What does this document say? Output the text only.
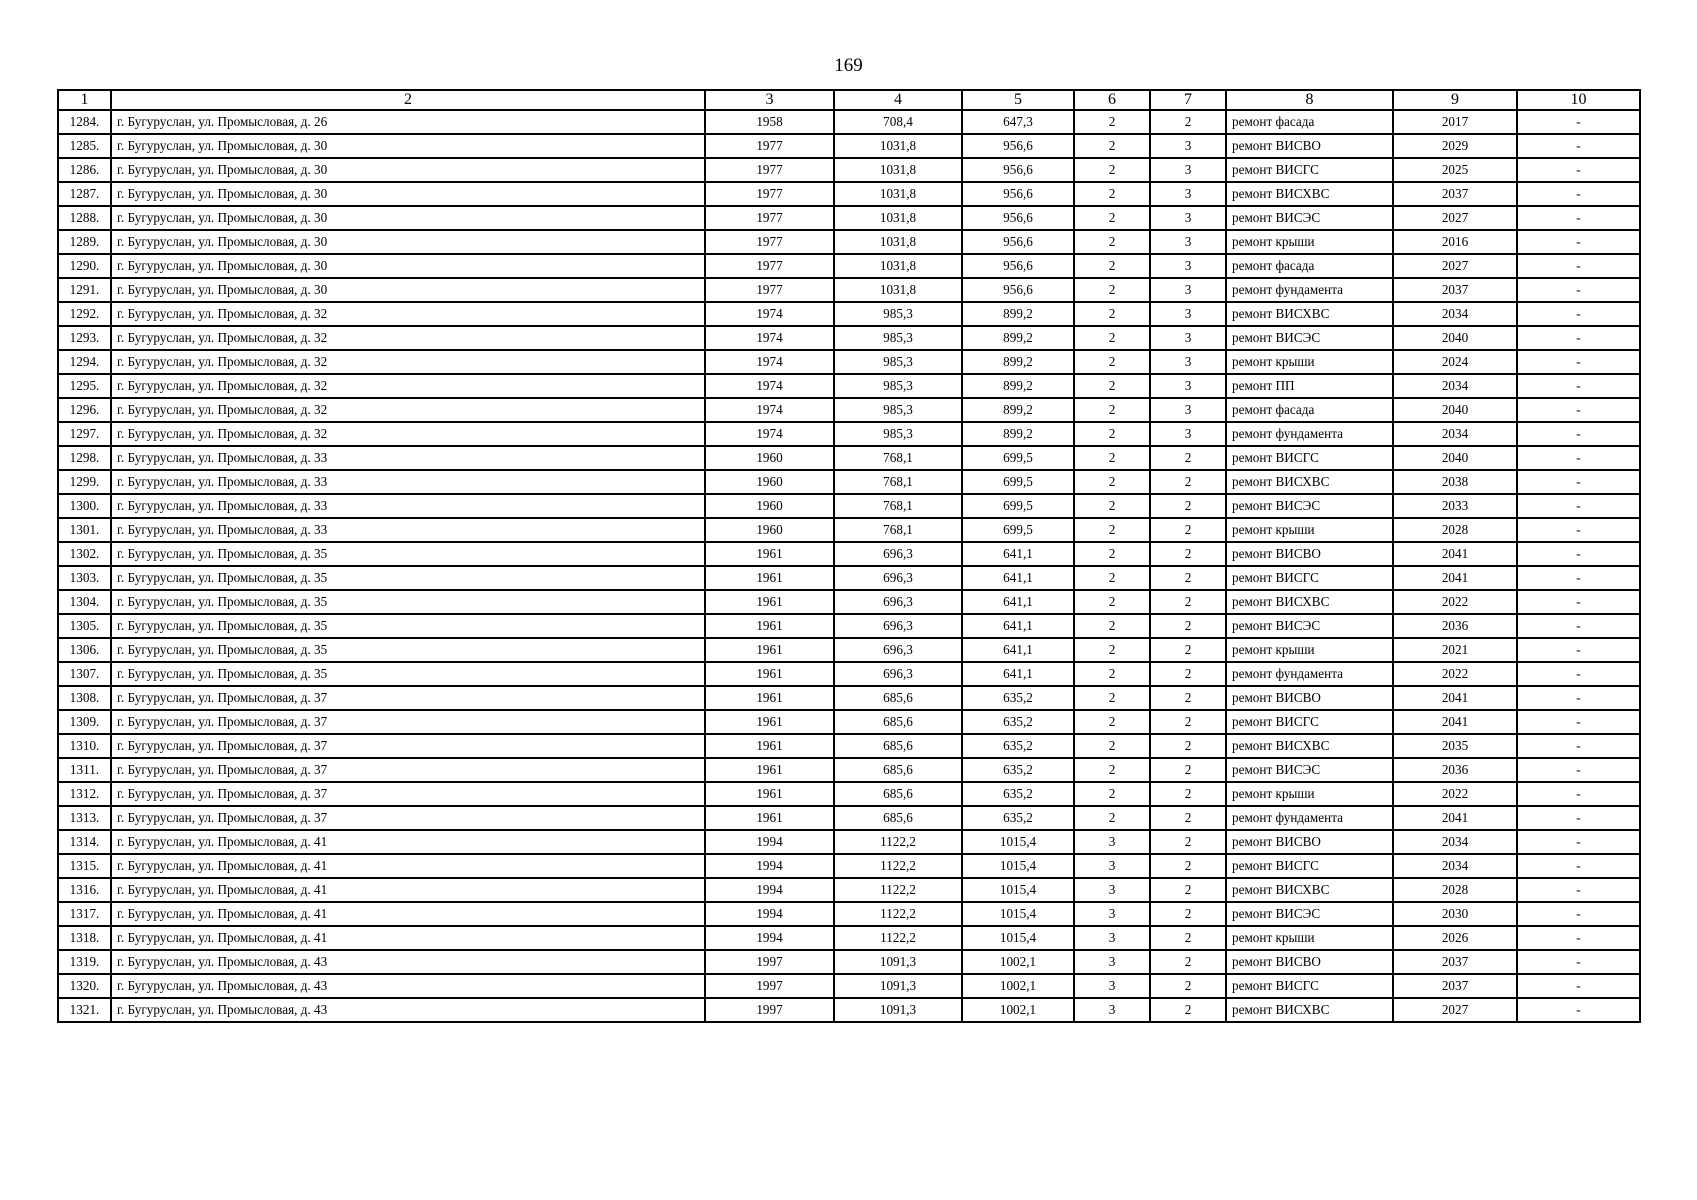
169
1	2	3	4	5	6	7	8	9	10
1284.	г. Бугуруслан, ул. Промысловая, д. 26	1958	708,4	647,3	2	2	ремонт фасада	2017	-
1285.	г. Бугуруслан, ул. Промысловая, д. 30	1977	1031,8	956,6	2	3	ремонт ВИСВО	2029	-
1286.	г. Бугуруслан, ул. Промысловая, д. 30	1977	1031,8	956,6	2	3	ремонт ВИСГС	2025	-
1287.	г. Бугуруслан, ул. Промысловая, д. 30	1977	1031,8	956,6	2	3	ремонт ВИСХВС	2037	-
1288.	г. Бугуруслан, ул. Промысловая, д. 30	1977	1031,8	956,6	2	3	ремонт ВИСЭС	2027	-
1289.	г. Бугуруслан, ул. Промысловая, д. 30	1977	1031,8	956,6	2	3	ремонт крыши	2016	-
1290.	г. Бугуруслан, ул. Промысловая, д. 30	1977	1031,8	956,6	2	3	ремонт фасада	2027	-
1291.	г. Бугуруслан, ул. Промысловая, д. 30	1977	1031,8	956,6	2	3	ремонт фундамента	2037	-
1292.	г. Бугуруслан, ул. Промысловая, д. 32	1974	985,3	899,2	2	3	ремонт ВИСХВС	2034	-
1293.	г. Бугуруслан, ул. Промысловая, д. 32	1974	985,3	899,2	2	3	ремонт ВИСЭС	2040	-
1294.	г. Бугуруслан, ул. Промысловая, д. 32	1974	985,3	899,2	2	3	ремонт крыши	2024	-
1295.	г. Бугуруслан, ул. Промысловая, д. 32	1974	985,3	899,2	2	3	ремонт ПП	2034	-
1296.	г. Бугуруслан, ул. Промысловая, д. 32	1974	985,3	899,2	2	3	ремонт фасада	2040	-
1297.	г. Бугуруслан, ул. Промысловая, д. 32	1974	985,3	899,2	2	3	ремонт фундамента	2034	-
1298.	г. Бугуруслан, ул. Промысловая, д. 33	1960	768,1	699,5	2	2	ремонт ВИСГС	2040	-
1299.	г. Бугуруслан, ул. Промысловая, д. 33	1960	768,1	699,5	2	2	ремонт ВИСХВС	2038	-
1300.	г. Бугуруслан, ул. Промысловая, д. 33	1960	768,1	699,5	2	2	ремонт ВИСЭС	2033	-
1301.	г. Бугуруслан, ул. Промысловая, д. 33	1960	768,1	699,5	2	2	ремонт крыши	2028	-
1302.	г. Бугуруслан, ул. Промысловая, д. 35	1961	696,3	641,1	2	2	ремонт ВИСВО	2041	-
1303.	г. Бугуруслан, ул. Промысловая, д. 35	1961	696,3	641,1	2	2	ремонт ВИСГС	2041	-
1304.	г. Бугуруслан, ул. Промысловая, д. 35	1961	696,3	641,1	2	2	ремонт ВИСХВС	2022	-
1305.	г. Бугуруслан, ул. Промысловая, д. 35	1961	696,3	641,1	2	2	ремонт ВИСЭС	2036	-
1306.	г. Бугуруслан, ул. Промысловая, д. 35	1961	696,3	641,1	2	2	ремонт крыши	2021	-
1307.	г. Бугуруслан, ул. Промысловая, д. 35	1961	696,3	641,1	2	2	ремонт фундамента	2022	-
1308.	г. Бугуруслан, ул. Промысловая, д. 37	1961	685,6	635,2	2	2	ремонт ВИСВО	2041	-
1309.	г. Бугуруслан, ул. Промысловая, д. 37	1961	685,6	635,2	2	2	ремонт ВИСГС	2041	-
1310.	г. Бугуруслан, ул. Промысловая, д. 37	1961	685,6	635,2	2	2	ремонт ВИСХВС	2035	-
1311.	г. Бугуруслан, ул. Промысловая, д. 37	1961	685,6	635,2	2	2	ремонт ВИСЭС	2036	-
1312.	г. Бугуруслан, ул. Промысловая, д. 37	1961	685,6	635,2	2	2	ремонт крыши	2022	-
1313.	г. Бугуруслан, ул. Промысловая, д. 37	1961	685,6	635,2	2	2	ремонт фундамента	2041	-
1314.	г. Бугуруслан, ул. Промысловая, д. 41	1994	1122,2	1015,4	3	2	ремонт ВИСВО	2034	-
1315.	г. Бугуруслан, ул. Промысловая, д. 41	1994	1122,2	1015,4	3	2	ремонт ВИСГС	2034	-
1316.	г. Бугуруслан, ул. Промысловая, д. 41	1994	1122,2	1015,4	3	2	ремонт ВИСХВС	2028	-
1317.	г. Бугуруслан, ул. Промысловая, д. 41	1994	1122,2	1015,4	3	2	ремонт ВИСЭС	2030	-
1318.	г. Бугуруслан, ул. Промысловая, д. 41	1994	1122,2	1015,4	3	2	ремонт крыши	2026	-
1319.	г. Бугуруслан, ул. Промысловая, д. 43	1997	1091,3	1002,1	3	2	ремонт ВИСВО	2037	-
1320.	г. Бугуруслан, ул. Промысловая, д. 43	1997	1091,3	1002,1	3	2	ремонт ВИСГС	2037	-
1321.	г. Бугуруслан, ул. Промысловая, д. 43	1997	1091,3	1002,1	3	2	ремонт ВИСХВС	2027	-
